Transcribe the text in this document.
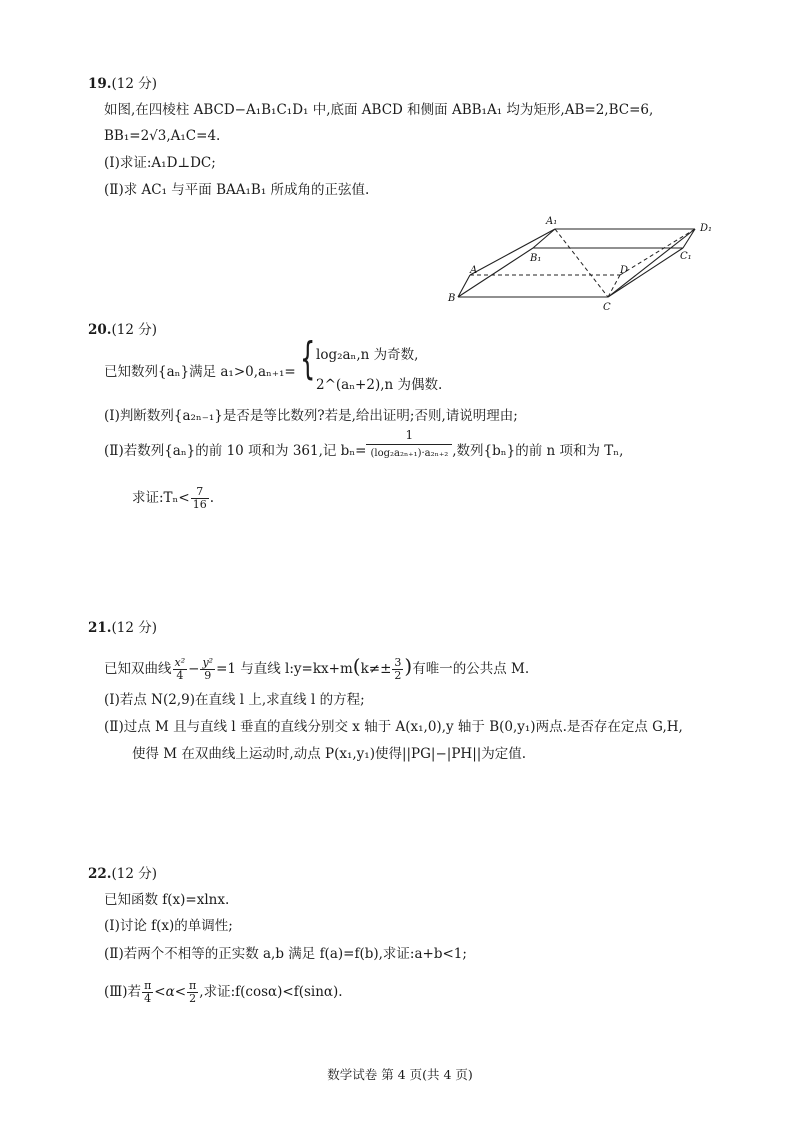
19.(12 分)
如图,在四棱柱 ABCD−A₁B₁C₁D₁ 中,底面 ABCD 和侧面 ABB₁A₁ 均为矩形,AB=2,BC=6,
BB₁=2√3,A₁C=4.
(Ⅰ)求证:A₁D⊥DC;
(Ⅱ)求 AC₁ 与平面 BAA₁B₁ 所成角的正弦值.
A₁
D₁
B₁	C₁
A	D
B
C
20.(12 分)
已知数列{aₙ}满足 a₁>0,aₙ₊₁= { log₂aₙ,n 为奇数,
2^(aₙ+2),n 为偶数.
(Ⅰ)判断数列{a₂ₙ₋₁}是否是等比数列?若是,给出证明;否则,请说明理由;
(Ⅱ)若数列{aₙ}的前 10 项和为 361,记 $b_n= \frac{1}{\text{(log₂a₂ₙ₊₁)·a₂ₙ₊₂}}$ ,数列{bₙ}的前 n 项和为 Tₙ,
求证:Tₙ< $\frac{7}{16}$ .
21.(12 分)
已知双曲线 $\frac{\text{x²}}{4} - \frac{\text{y²}}{9} =1$ 与直线 l:y=kx+m(k≠± $\frac{3}{2}$ )有唯一的公共点 M.
(Ⅰ)若点 N(2,9)在直线 l 上,求直线 l 的方程;
(Ⅱ)过点 M 且与直线 l 垂直的直线分别交 x 轴于 A(x₁,0),y 轴于 B(0,y₁)两点.是否存在定点 G,H,
使得 M 在双曲线上运动时,动点 P(x₁,y₁)使得||PG|−|PH||为定值.
22.(12 分)
已知函数 f(x)=xlnx.
(Ⅰ)讨论 f(x)的单调性;
(Ⅱ)若两个不相等的正实数 a,b 满足 f(a)=f(b),求证:a+b<1;
(Ⅲ)若 $\frac{\pi}{4} <\alpha< \frac{\pi}{2}$ ,求证:f(cosα)<f(sinα).
数学试卷 第 4 页(共 4 页)
